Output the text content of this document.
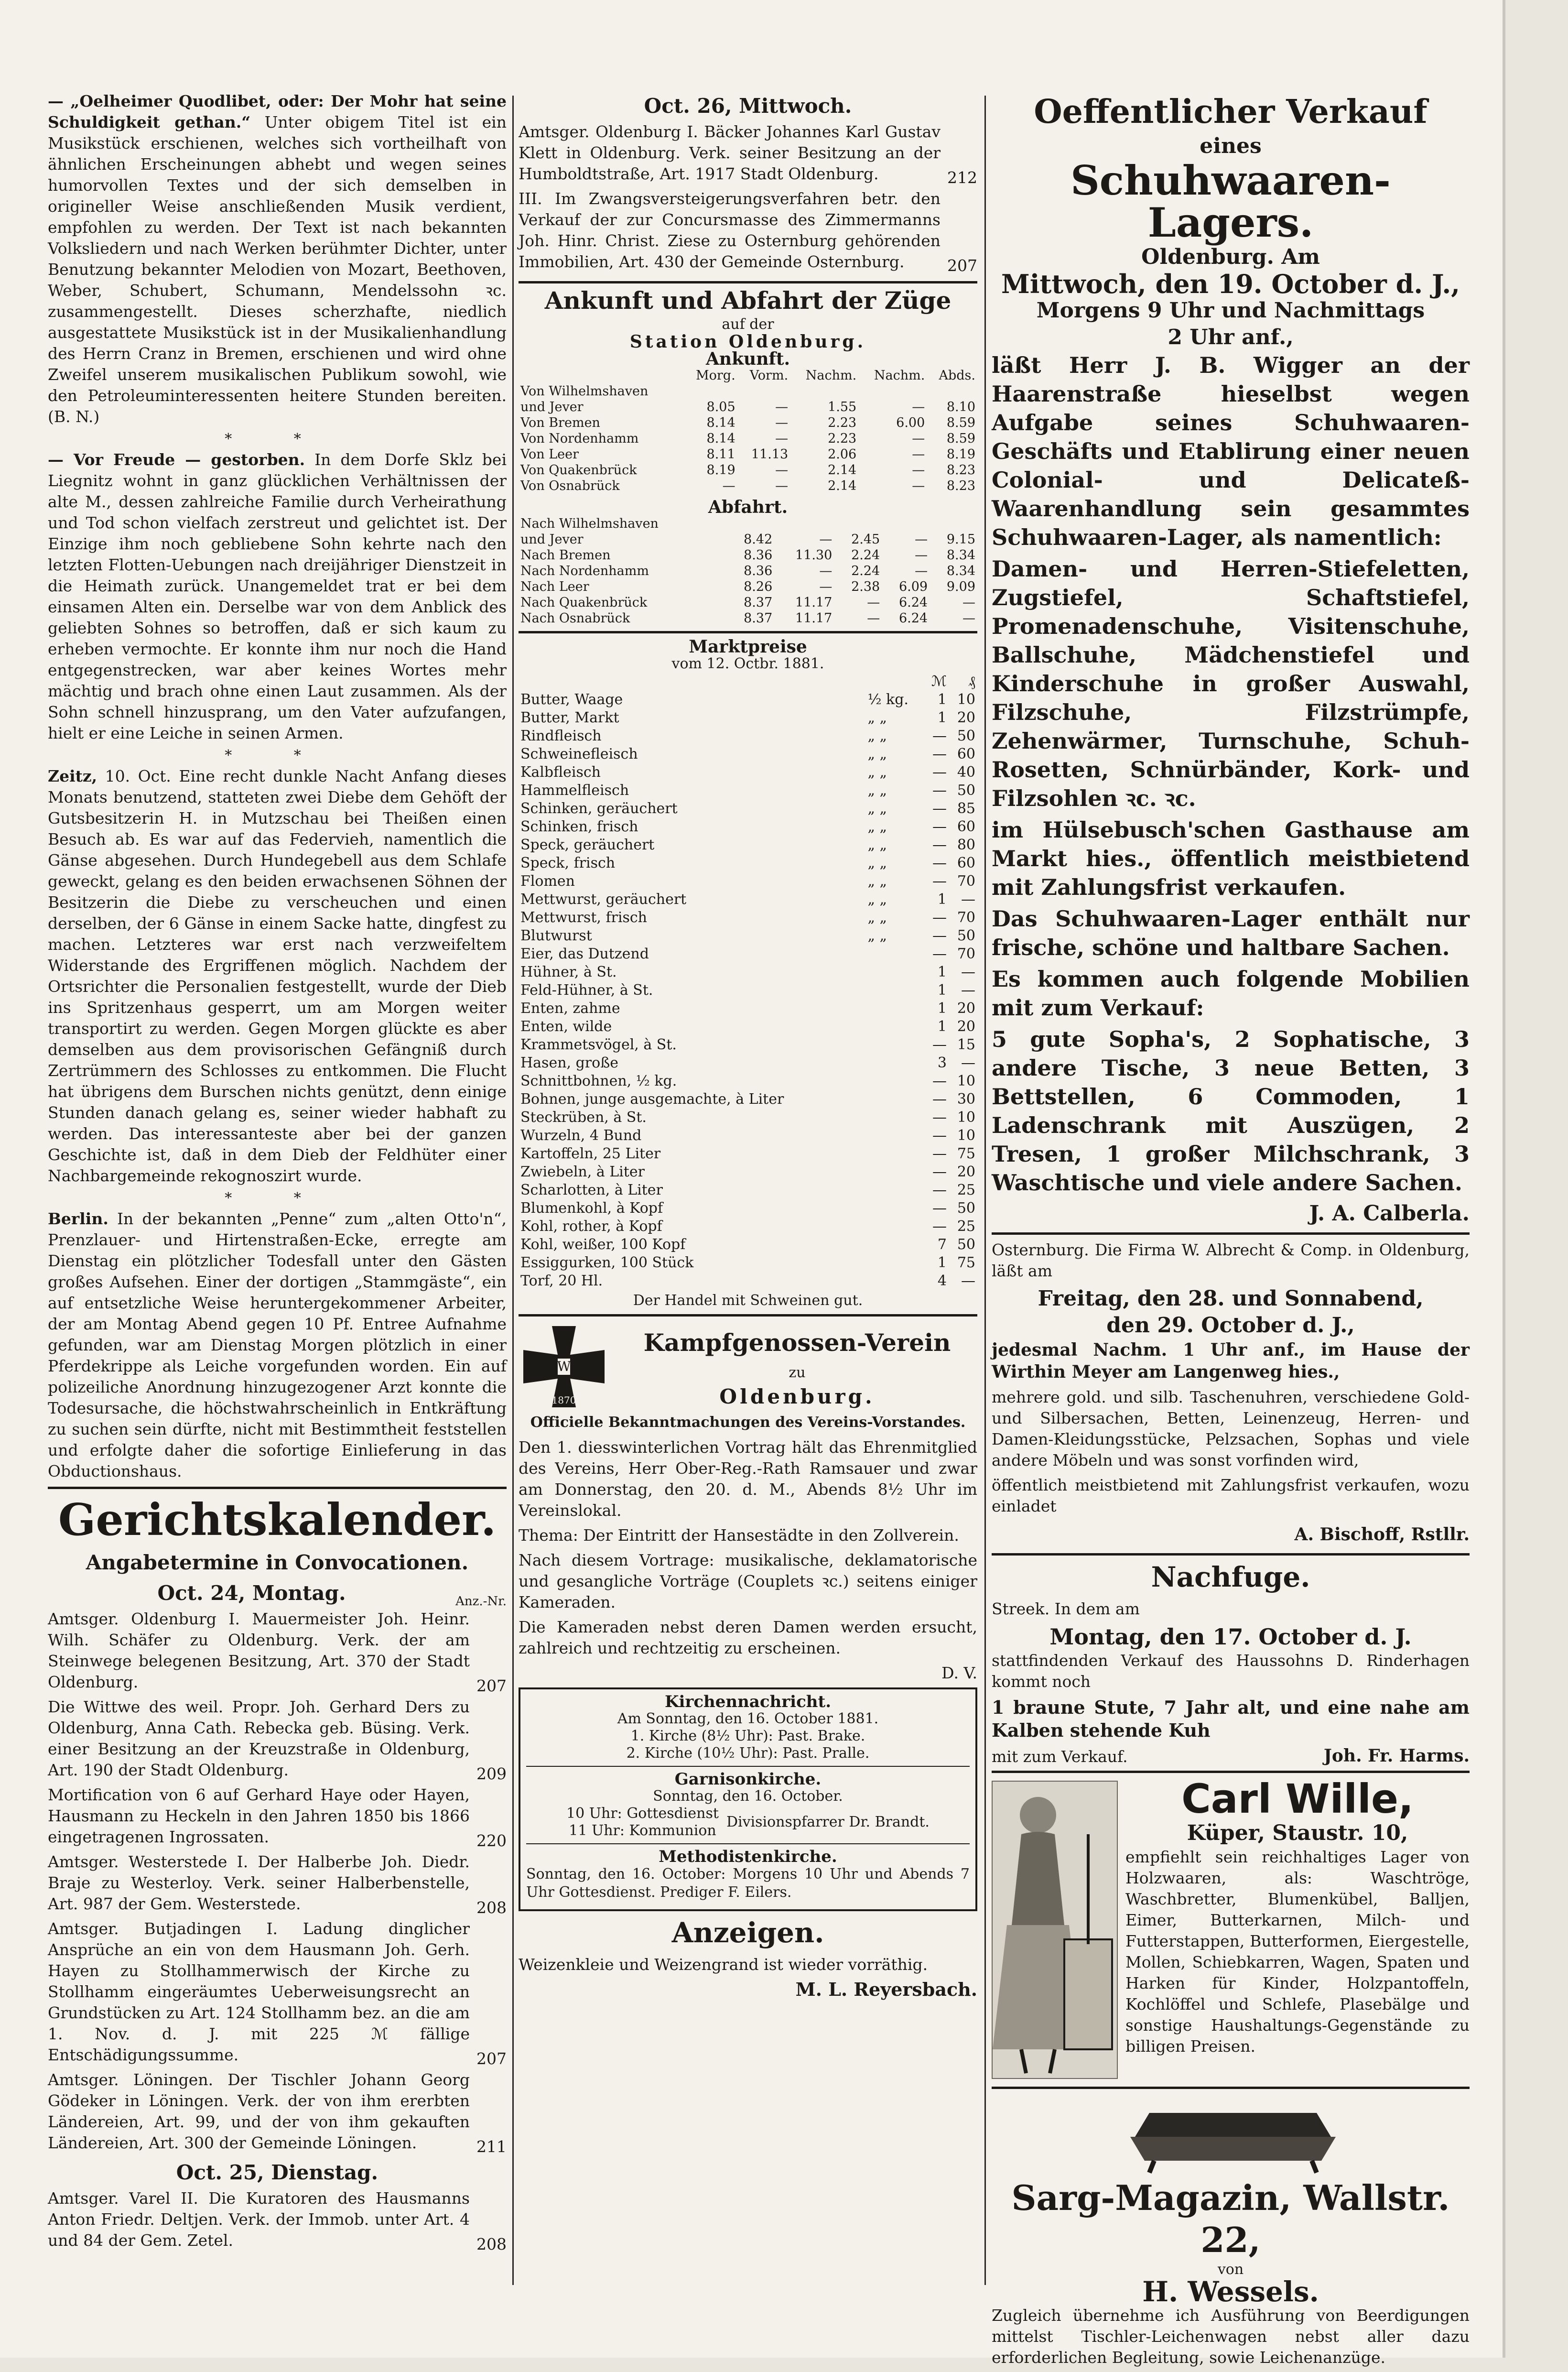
— „Oelheimer Quodlibet, oder: Der Mohr hat seine Schuldigkeit gethan.“ Unter obigem Titel ist ein Musikstück erschienen, welches sich vortheilhaft von ähnlichen Erscheinungen abhebt und wegen seines humorvollen Textes und der sich demselben in origineller Weise anschließenden Musik verdient, empfohlen zu werden. Der Text ist nach bekannten Volksliedern und nach Werken berühmter Dichter, unter Benutzung bekannter Melodien von Mozart, Beethoven, Weber, Schubert, Schumann, Mendelssohn ꝛc. zusammengestellt. Dieses scherzhafte, niedlich ausgestattete Musikstück ist in der Musikalienhandlung des Herrn Cranz in Bremen, erschienen und wird ohne Zweifel unserem musikalischen Publikum sowohl, wie den Petroleuminteressenten heitere Stunden bereiten. (B. N.)

* *

— Vor Freude — gestorben. In dem Dorfe Sklz bei Liegnitz wohnt in ganz glücklichen Verhältnissen der alte M., dessen zahlreiche Familie durch Verheirathung und Tod schon vielfach zerstreut und gelichtet ist. Der Einzige ihm noch gebliebene Sohn kehrte nach den letzten Flotten-Uebungen nach dreijähriger Dienstzeit in die Heimath zurück. Unangemeldet trat er bei dem einsamen Alten ein. Derselbe war von dem Anblick des geliebten Sohnes so betroffen, daß er sich kaum zu erheben vermochte. Er konnte ihm nur noch die Hand entgegenstrecken, war aber keines Wortes mehr mächtig und brach ohne einen Laut zusammen. Als der Sohn schnell hinzusprang, um den Vater aufzufangen, hielt er eine Leiche in seinen Armen.

* *

Zeitz, 10. Oct. Eine recht dunkle Nacht Anfang dieses Monats benutzend, statteten zwei Diebe dem Gehöft der Gutsbesitzerin H. in Mutzschau bei Theißen einen Besuch ab. Es war auf das Federvieh, namentlich die Gänse abgesehen. Durch Hundegebell aus dem Schlafe geweckt, gelang es den beiden erwachsenen Söhnen der Besitzerin die Diebe zu verscheuchen und einen derselben, der 6 Gänse in einem Sacke hatte, dingfest zu machen. Letzteres war erst nach verzweifeltem Widerstande des Ergriffenen möglich. Nachdem der Ortsrichter die Personalien festgestellt, wurde der Dieb ins Spritzenhaus gesperrt, um am Morgen weiter transportirt zu werden. Gegen Morgen glückte es aber demselben aus dem provisorischen Gefängniß durch Zertrümmern des Schlosses zu entkommen. Die Flucht hat übrigens dem Burschen nichts genützt, denn einige Stunden danach gelang es, seiner wieder habhaft zu werden. Das interessanteste aber bei der ganzen Geschichte ist, daß in dem Dieb der Feldhüter einer Nachbargemeinde rekognoszirt wurde.

* *

Berlin. In der bekannten „Penne“ zum „alten Otto'n“, Prenzlauer- und Hirtenstraßen-Ecke, erregte am Dienstag ein plötzlicher Todesfall unter den Gästen großes Aufsehen. Einer der dortigen „Stammgäste“, ein auf entsetzliche Weise heruntergekommener Arbeiter, der am Montag Abend gegen 10 Pf. Entree Aufnahme gefunden, war am Dienstag Morgen plötzlich in einer Pferdekrippe als Leiche vorgefunden worden. Ein auf polizeiliche Anordnung hinzugezogener Arzt konnte die Todesursache, die höchstwahrscheinlich in Entkräftung zu suchen sein dürfte, nicht mit Bestimmtheit feststellen und erfolgte daher die sofortige Einlieferung in das Obductionshaus.

Gerichtskalender.
Angabetermine in Convocationen.
Oct. 24, Montag.	Anz.-Nr.

Amtsger. Oldenburg I. Mauermeister Joh. Heinr. Wilh. Schäfer zu Oldenburg. Verk. der am Steinwege belegenen Besitzung, Art. 370 der Stadt Oldenburg.	207

Die Wittwe des weil. Propr. Joh. Gerhard Ders zu Oldenburg, Anna Cath. Rebecka geb. Büsing. Verk. einer Besitzung an der Kreuzstraße in Oldenburg, Art. 190 der Stadt Oldenburg.	209

Mortification von 6 auf Gerhard Haye oder Hayen, Hausmann zu Heckeln in den Jahren 1850 bis 1866 eingetragenen Ingrossaten.	220

Amtsger. Westerstede I. Der Halberbe Joh. Diedr. Braje zu Westerloy. Verk. seiner Halberbenstelle, Art. 987 der Gem. Westerstede.	208

Amtsger. Butjadingen I. Ladung dinglicher Ansprüche an ein von dem Hausmann Joh. Gerh. Hayen zu Stollhammerwisch der Kirche zu Stollhamm eingeräumtes Ueberweisungsrecht an Grundstücken zu Art. 124 Stollhamm bez. an die am 1. Nov. d. J. mit 225 ℳ fällige Entschädigungssumme.	207

Amtsger. Löningen. Der Tischler Johann Georg Gödeker in Löningen. Verk. der von ihm ererbten Ländereien, Art. 99, und der von ihm gekauften Ländereien, Art. 300 der Gemeinde Löningen.	211
Oct. 25, Dienstag.

Amtsger. Varel II. Die Kuratoren des Hausmanns Anton Friedr. Deltjen. Verk. der Immob. unter Art. 4 und 84 der Gem. Zetel.	208
Oct. 26, Mittwoch.

Amtsger. Oldenburg I. Bäcker Johannes Karl Gustav Klett in Oldenburg. Verk. seiner Besitzung an der Humboldtstraße, Art. 1917 Stadt Oldenburg.	212

III. Im Zwangsversteigerungsverfahren betr. den Verkauf der zur Concursmasse des Zimmermanns Joh. Hinr. Christ. Ziese zu Osternburg gehörenden Immobilien, Art. 430 der Gemeinde Osternburg.	207
Ankunft und Abfahrt der Züge
auf der
Station Oldenburg.
Ankunft.
	Morg.	Vorm.	Nachm.	Nachm.	Abds.
Von Wilhelmshaven					
und Jever	8.05	—	1.55	—	8.10
Von Bremen	8.14	—	2.23	6.00	8.59
Von Nordenhamm	8.14	—	2.23	—	8.59
Von Leer	8.11	11.13	2.06	—	8.19
Von Quakenbrück	8.19	—	2.14	—	8.23
Von Osnabrück	—	—	2.14	—	8.23
Abfahrt.
Nach Wilhelmshaven					
und Jever	8.42	—	2.45	—	9.15
Nach Bremen	8.36	11.30	2.24	—	8.34
Nach Nordenhamm	8.36	—	2.24	—	8.34
Nach Leer	8.26	—	2.38	6.09	9.09
Nach Quakenbrück	8.37	11.17	—	6.24	—
Nach Osnabrück	8.37	11.17	—	6.24	—
Marktpreise
vom 12. Octbr. 1881.
		ℳ	₰
Butter, Waage	½ kg.	1	10
Butter, Markt	„ „	1	20
Rindfleisch	„ „	—	50
Schweinefleisch	„ „	—	60
Kalbfleisch	„ „	—	40
Hammelfleisch	„ „	—	50
Schinken, geräuchert	„ „	—	85
Schinken, frisch	„ „	—	60
Speck, geräuchert	„ „	—	80
Speck, frisch	„ „	—	60
Flomen	„ „	—	70
Mettwurst, geräuchert	„ „	1	—
Mettwurst, frisch	„ „	—	70
Blutwurst	„ „	—	50
Eier, das Dutzend		—	70
Hühner, à St.		1	—
Feld-Hühner, à St.		1	—
Enten, zahme		1	20
Enten, wilde		1	20
Krammetsvögel, à St.		—	15
Hasen, große		3	—
Schnittbohnen, ½ kg.		—	10
Bohnen, junge ausgemachte, à Liter		—	30
Steckrüben, à St.		—	10
Wurzeln, 4 Bund		—	10
Kartoffeln, 25 Liter		—	75
Zwiebeln, à Liter		—	20
Scharlotten, à Liter		—	25
Blumenkohl, à Kopf		—	50
Kohl, rother, à Kopf		—	25
Kohl, weißer, 100 Kopf		7	50
Essiggurken, 100 Stück		1	75
Torf, 20 Hl.		4	—
Der Handel mit Schweinen gut.
W
1870
Kampfgenossen-Verein
zu
Oldenburg.

Officielle Bekanntmachungen des Vereins-Vorstandes.

Den 1. diesswinterlichen Vortrag hält das Ehrenmitglied des Vereins, Herr Ober-Reg.-Rath Ramsauer und zwar am Donnerstag, den 20. d. M., Abends 8½ Uhr im Vereinslokal.

Thema: Der Eintritt der Hansestädte in den Zollverein.

Nach diesem Vortrage: musikalische, deklamatorische und gesangliche Vorträge (Couplets ꝛc.) seitens einiger Kameraden.

Die Kameraden nebst deren Damen werden ersucht, zahlreich und rechtzeitig zu erscheinen.

D. V.

Kirchennachricht.
Am Sonntag, den 16. October 1881.
1. Kirche (8½ Uhr): Past. Brake.
2. Kirche (10½ Uhr): Past. Pralle.
Garnisonkirche.
Sonntag, den 16. October.
10 Uhr: Gottesdienst
11 Uhr: Kommunion
Divisionspfarrer Dr. Brandt.
Methodistenkirche.

Sonntag, den 16. October: Morgens 10 Uhr und Abends 7 Uhr Gottesdienst. Prediger F. Eilers.

Anzeigen.

Weizenkleie und Weizengrand ist wieder vorräthig.

M. L. Reyersbach.

Oeffentlicher Verkauf
eines
Schuhwaaren-Lagers.
Oldenburg. Am
Mittwoch, den 19. October d. J.,
Morgens 9 Uhr und Nachmittags
2 Uhr anf.,

läßt Herr J. B. Wigger an der Haarenstraße hieselbst wegen Aufgabe seines Schuhwaaren-Geschäfts und Etablirung einer neuen Colonial- und Delicateß-Waarenhandlung sein gesammtes Schuhwaaren-Lager, als namentlich:

Damen- und Herren-Stiefeletten, Zugstiefel, Schaftstiefel, Promenadenschuhe, Visitenschuhe, Ballschuhe, Mädchenstiefel und Kinderschuhe in großer Auswahl, Filzschuhe, Filzstrümpfe, Zehenwärmer, Turnschuhe, Schuh-Rosetten, Schnürbänder, Kork- und Filzsohlen ꝛc. ꝛc.

im Hülsebusch'schen Gasthause am Markt hies., öffentlich meistbietend mit Zahlungsfrist verkaufen.

Das Schuhwaaren-Lager enthält nur frische, schöne und haltbare Sachen.

Es kommen auch folgende Mobilien mit zum Verkauf:

5 gute Sopha's, 2 Sophatische, 3 andere Tische, 3 neue Betten, 3 Bettstellen, 6 Commoden, 1 Ladenschrank mit Auszügen, 2 Tresen, 1 großer Milchschrank, 3 Waschtische und viele andere Sachen.

J. A. Calberla.

Osternburg. Die Firma W. Albrecht & Comp. in Oldenburg, läßt am

Freitag, den 28. und Sonnabend,
den 29. October d. J.,

jedesmal Nachm. 1 Uhr anf., im Hause der Wirthin Meyer am Langenweg hies.,

mehrere gold. und silb. Taschenuhren, verschiedene Gold- und Silbersachen, Betten, Leinenzeug, Herren- und Damen-Kleidungsstücke, Pelzsachen, Sophas und viele andere Möbeln und was sonst vorfinden wird,

öffentlich meistbietend mit Zahlungsfrist verkaufen, wozu einladet

A. Bischoff, Rstllr.
Nachfuge.

Streek. In dem am

Montag, den 17. October d. J.

stattfindenden Verkauf des Haussohns D. Rinderhagen kommt noch

1 braune Stute, 7 Jahr alt, und eine nahe am Kalben stehende Kuh

mit zum Verkauf.	Joh. Fr. Harms.
Carl Wille,
Küper, Staustr. 10,

empfiehlt sein reichhaltiges Lager von Holzwaaren, als: Waschtröge, Waschbretter, Blumenkübel, Balljen, Eimer, Butterkarnen, Milch- und Futterstappen, Butterformen, Eiergestelle, Mollen, Schiebkarren, Wagen, Spaten und Harken für Kinder, Holzpantoffeln, Kochlöffel und Schlefe, Plasebälge und sonstige Haushaltungs-Gegenstände zu billigen Preisen.

Sarg-Magazin, Wallstr. 22,
von
H. Wessels.

Zugleich übernehme ich Ausführung von Beerdigungen mittelst Tischler-Leichenwagen nebst aller dazu erforderlichen Begleitung, sowie Leichenanzüge.
